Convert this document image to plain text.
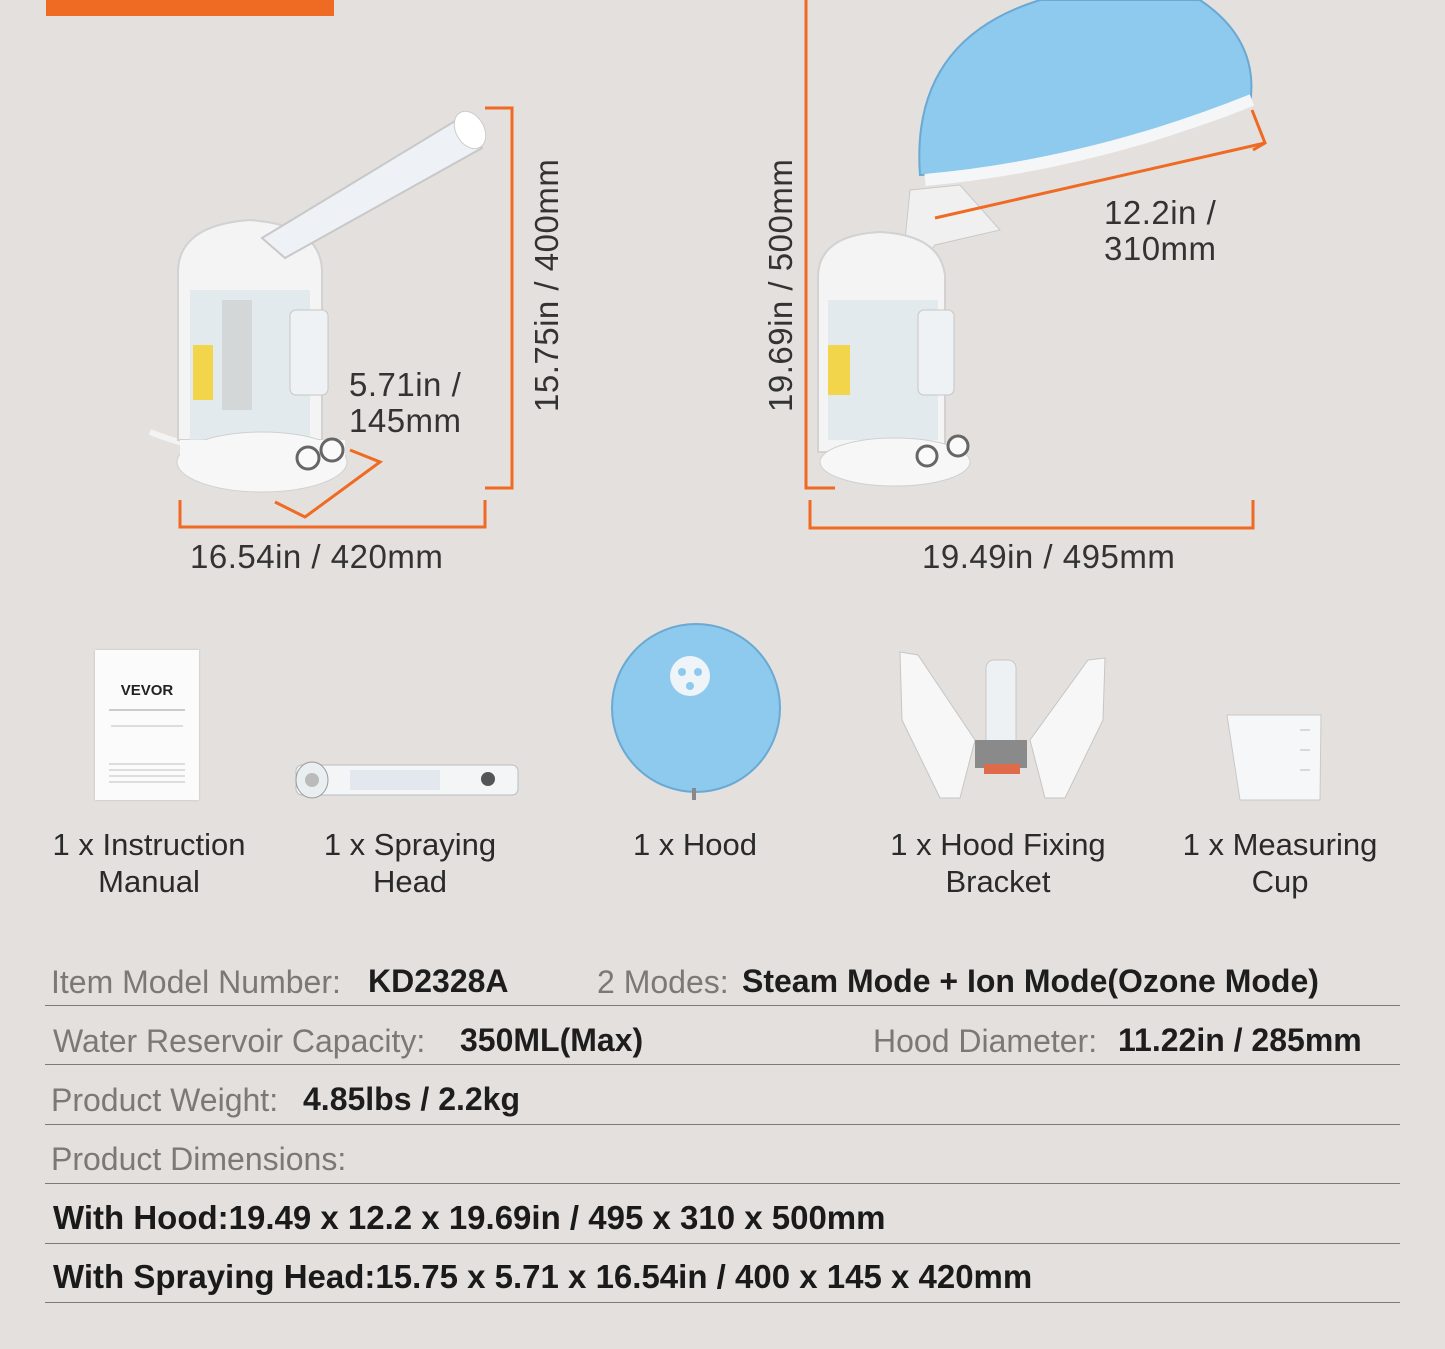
16.54in / 420mm
15.75in / 400mm
5.71in /
145mm
19.49in / 495mm
19.69in / 500mm	12.2in /
310mm
VEVOR
1 x Instruction
Manual
1 x Spraying
Head
1 x Hood	1 x Hood Fixing
Bracket
1 x Measuring
Cup
Item Model Number: KD2328A	2 Modes: Steam Mode + Ion Mode(Ozone Mode)
Water Reservoir Capacity: 350ML(Max)	Hood Diameter: 11.22in / 285mm
Product Weight: 4.85lbs / 2.2kg
Product Dimensions:
With Hood:19.49 x 12.2 x 19.69in / 495 x 310 x 500mm
With Spraying Head:15.75 x 5.71 x 16.54in / 400 x 145 x 420mm
